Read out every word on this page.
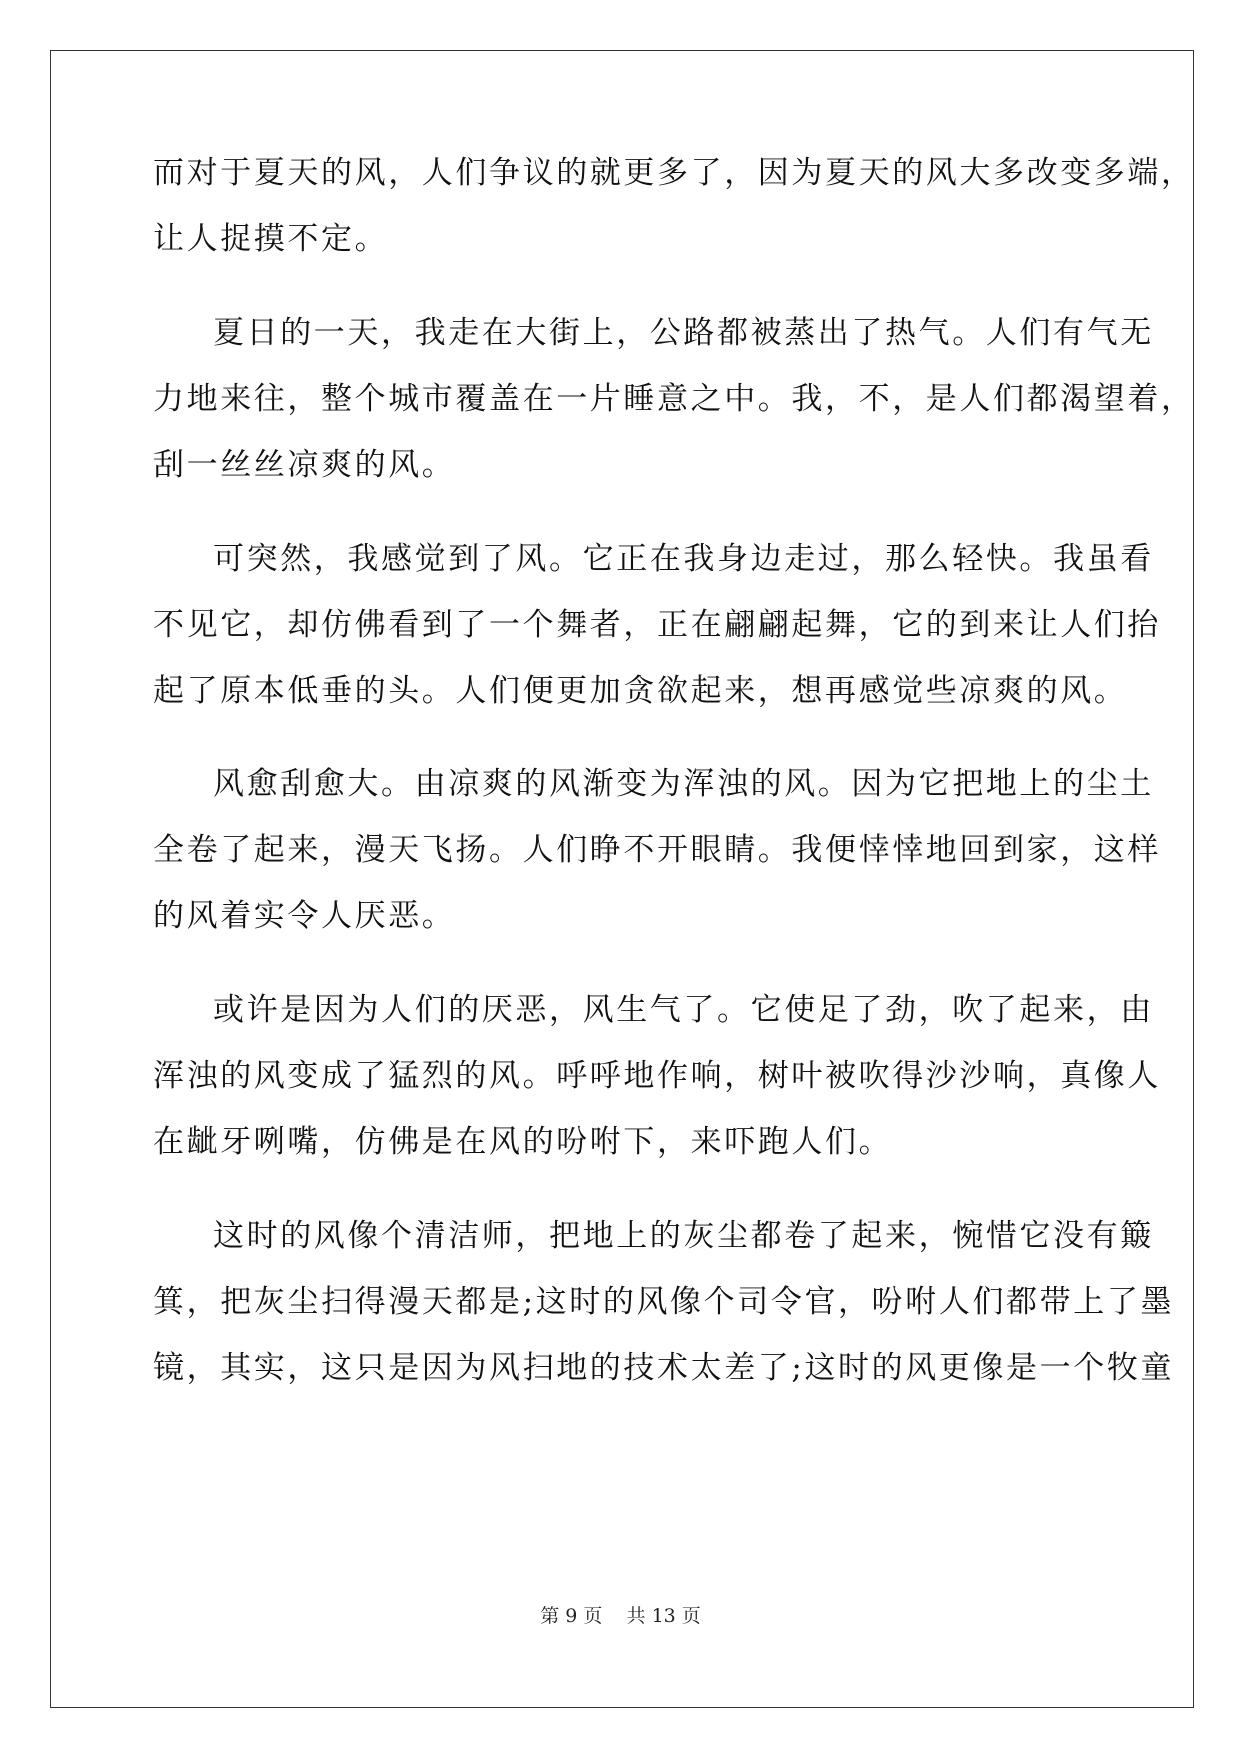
而对于夏天的风，人们争议的就更多了，因为夏天的风大多改变多端，
让人捉摸不定。
夏日的一天，我走在大街上，公路都被蒸出了热气。人们有气无
力地来往，整个城市覆盖在一片睡意之中。我，不，是人们都渴望着，
刮一丝丝凉爽的风。
可突然，我感觉到了风。它正在我身边走过，那么轻快。我虽看
不见它，却仿佛看到了一个舞者，正在翩翩起舞，它的到来让人们抬
起了原本低垂的头。人们便更加贪欲起来，想再感觉些凉爽的风。
风愈刮愈大。由凉爽的风渐变为浑浊的风。因为它把地上的尘土
全卷了起来，漫天飞扬。人们睁不开眼睛。我便悻悻地回到家，这样
的风着实令人厌恶。
或许是因为人们的厌恶，风生气了。它使足了劲，吹了起来，由
浑浊的风变成了猛烈的风。呼呼地作响，树叶被吹得沙沙响，真像人
在龇牙咧嘴，仿佛是在风的吩咐下，来吓跑人们。
这时的风像个清洁师，把地上的灰尘都卷了起来，惋惜它没有簸
箕，把灰尘扫得漫天都是;这时的风像个司令官，吩咐人们都带上了墨
镜，其实，这只是因为风扫地的技术太差了;这时的风更像是一个牧童
第 9 页    共 13 页
